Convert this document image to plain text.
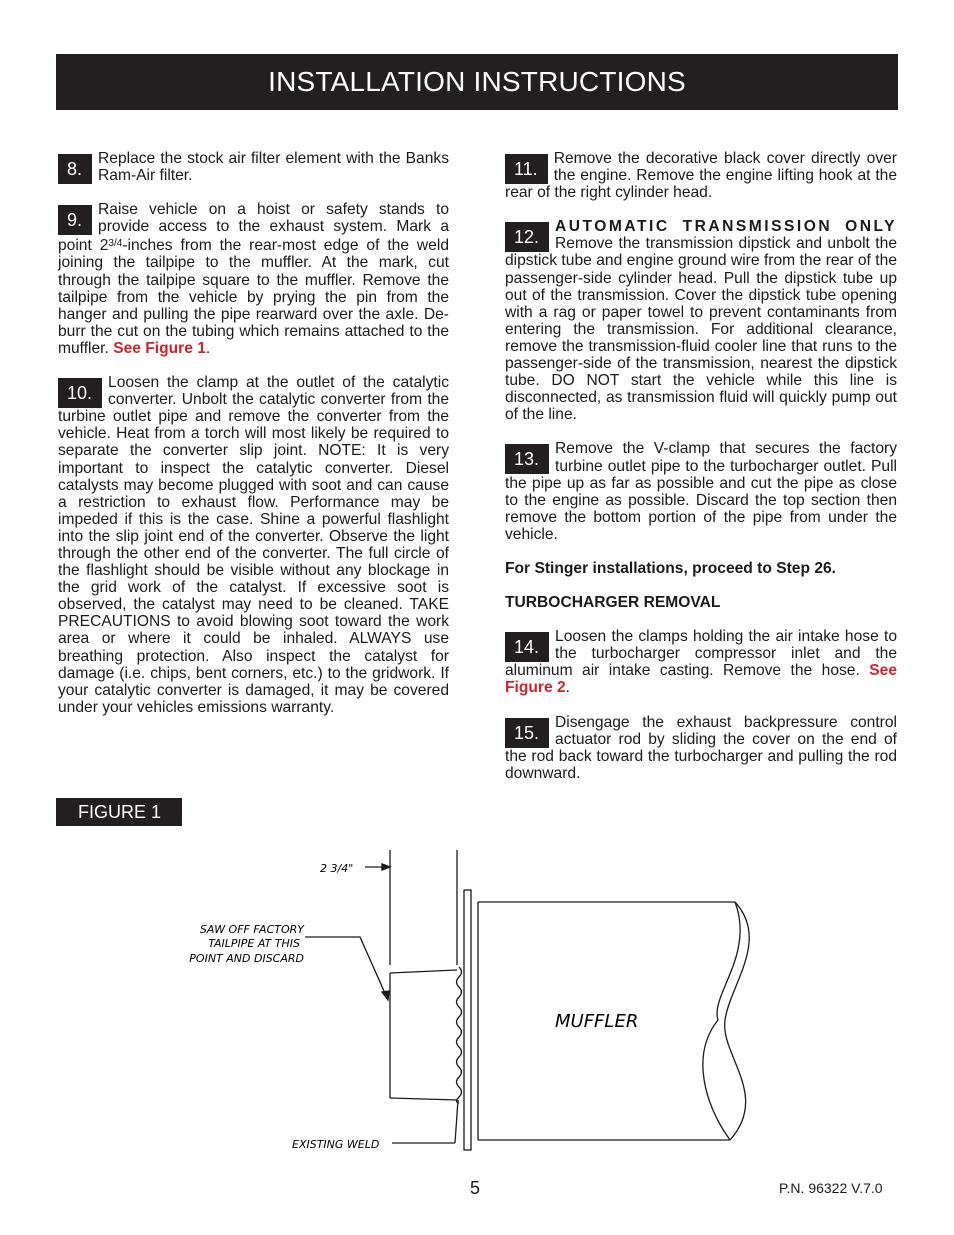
INSTALLATION INSTRUCTIONS
8.
Replace the stock air filter element with the Banks Ram-Air filter.
9.
Raise vehicle on a hoist or safety stands to provide access to the exhaust system. Mark a point $2^{3/4}$-inches from the rear-most edge of the weld joining the tailpipe to the muffler. At the mark, cut through the tailpipe square to the muffler. Remove the tailpipe from the vehicle by prying the pin from the hanger and pulling the pipe rearward over the axle. De-burr the cut on the tubing which remains attached to the muffler. See Figure 1.
10.
Loosen the clamp at the outlet of the catalytic converter. Unbolt the catalytic converter from the turbine outlet pipe and remove the converter from the vehicle. Heat from a torch will most likely be required to separate the converter slip joint. NOTE: It is very important to inspect the catalytic converter. Diesel catalysts may become plugged with soot and can cause a restriction to exhaust flow. Performance may be impeded if this is the case. Shine a powerful flashlight into the slip joint end of the converter. Observe the light through the other end of the converter. The full circle of the flashlight should be visible without any blockage in the grid work of the catalyst. If excessive soot is observed, the catalyst may need to be cleaned. TAKE PRECAUTIONS to avoid blowing soot toward the work area or where it could be inhaled. ALWAYS use breathing protection. Also inspect the catalyst for damage (i.e. chips, bent corners, etc.) to the gridwork. If your catalytic converter is damaged, it may be covered under your vehicles emissions warranty.
11.
Remove the decorative black cover directly over the engine. Remove the engine lifting hook at the rear of the right cylinder head.
12.
AUTOMATIC TRANSMISSION ONLY Remove the transmission dipstick and unbolt the dipstick tube and engine ground wire from the rear of the passenger-side cylinder head. Pull the dipstick tube up out of the transmission. Cover the dipstick tube opening with a rag or paper towel to prevent contaminants from entering the transmission. For additional clearance, remove the transmission-fluid cooler line that runs to the passenger-side of the transmission, nearest the dipstick tube. DO NOT start the vehicle while this line is disconnected, as transmission fluid will quickly pump out of the line.
13.
Remove the V-clamp that secures the factory turbine outlet pipe to the turbocharger outlet. Pull the pipe up as far as possible and cut the pipe as close to the engine as possible. Discard the top section then remove the bottom portion of the pipe from under the vehicle.
For Stinger installations, proceed to Step 26.
TURBOCHARGER REMOVAL
14.
Loosen the clamps holding the air intake hose to the turbocharger compressor inlet and the aluminum air intake casting. Remove the hose. See Figure 2.
15.
Disengage the exhaust backpressure control actuator rod by sliding the cover on the end of the rod back toward the turbocharger and pulling the rod downward.
FIGURE 1
2 3/4"
SAW OFF FACTORY
TAILPIPE AT THIS
POINT AND DISCARD
MUFFLER
EXISTING WELD
5	P.N. 96322 V.7.0
